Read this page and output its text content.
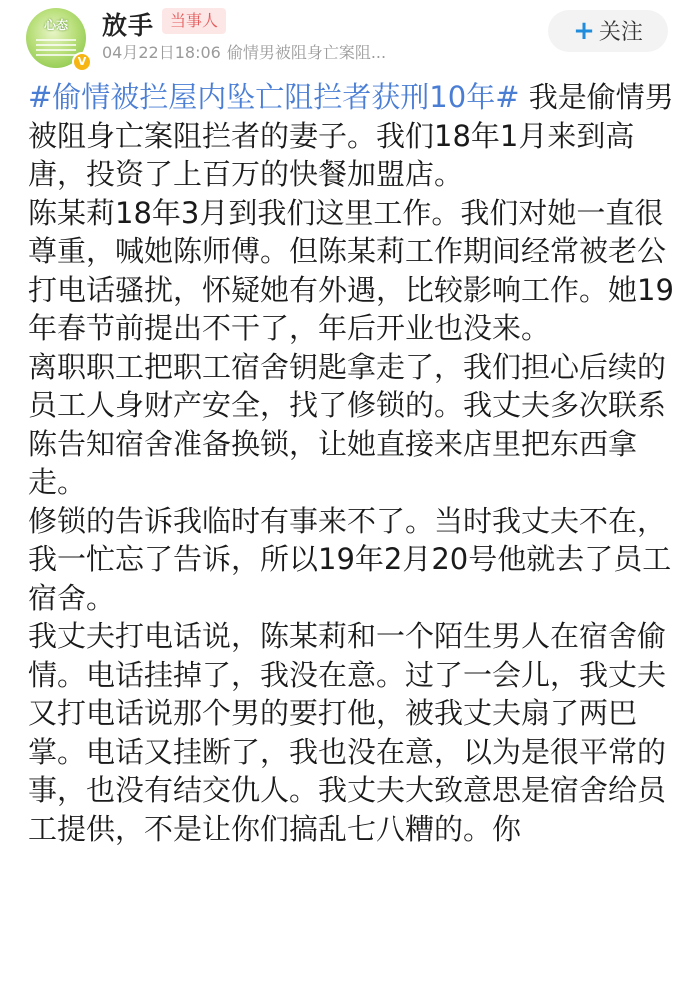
心态
V
放手 当事人
04月22日18:06 偷情男被阻身亡案阻...
+ 关注

#偷情被拦屋内坠亡阻拦者获刑10年# 我是偷情男被阻身亡案阻拦者的妻子。我们18年1月来到高唐，投资了上百万的快餐加盟店。

陈某莉18年3月到我们这里工作。我们对她一直很尊重，喊她陈师傅。但陈某莉工作期间经常被老公打电话骚扰，怀疑她有外遇，比较影响工作。她19年春节前提出不干了，年后开业也没来。

离职职工把职工宿舍钥匙拿走了，我们担心后续的员工人身财产安全，找了修锁的。我丈夫多次联系陈告知宿舍准备换锁，让她直接来店里把东西拿走。

修锁的告诉我临时有事来不了。当时我丈夫不在，我一忙忘了告诉，所以19年2月20号他就去了员工宿舍。

我丈夫打电话说，陈某莉和一个陌生男人在宿舍偷情。电话挂掉了，我没在意。过了一会儿，我丈夫又打电话说那个男的要打他，被我丈夫扇了两巴掌。电话又挂断了，我也没在意，以为是很平常的事，也没有结交仇人。我丈夫大致意思是宿舍给员工提供，不是让你们搞乱七八糟的。你
